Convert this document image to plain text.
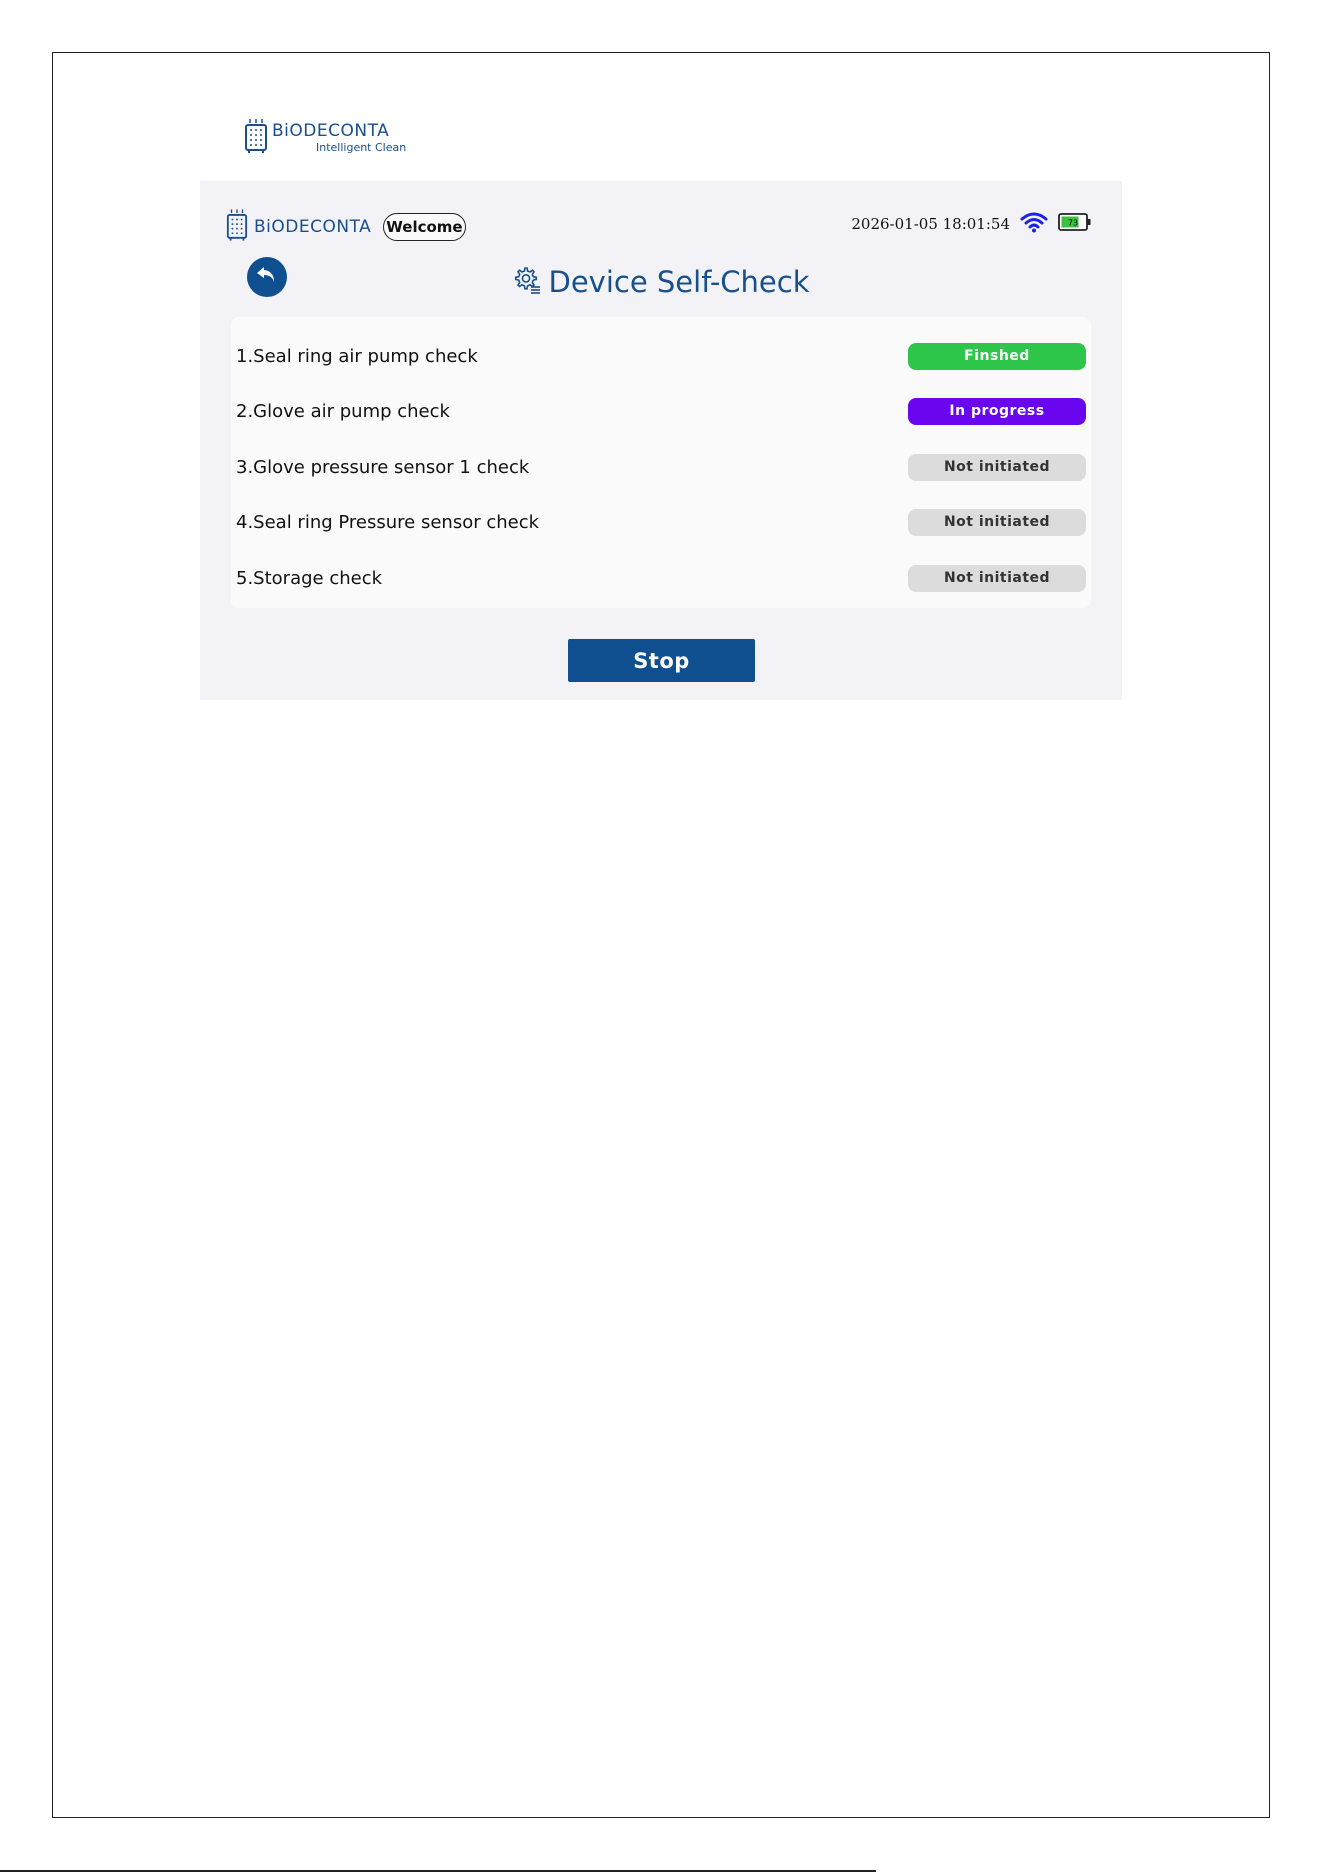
BiODECONTA
Intelligent Clean
BiODECONTA Welcome	2026-01-05 18:01:54	73
Device Self-Check
1.Seal ring air pump check	Finshed
2.Glove air pump check	In progress
3.Glove pressure sensor 1 check	Not initiated
4.Seal ring Pressure sensor check	Not initiated
5.Storage check	Not initiated
Stop
